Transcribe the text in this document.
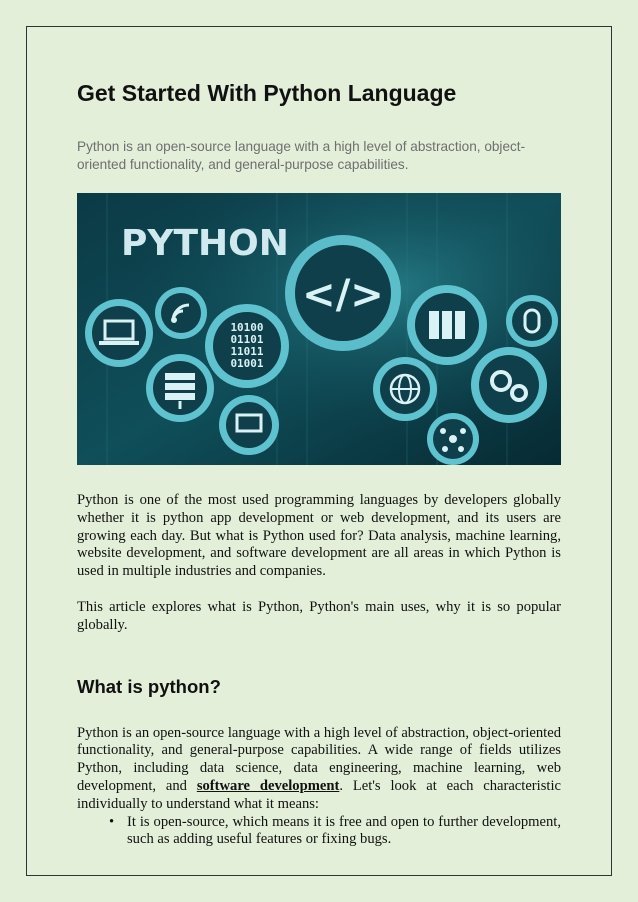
Get Started With Python Language

Python is an open-source language with a high level of abstraction, object-oriented functionality, and general-purpose capabilities.

PYTHON
</>
10100
01101
11011
01001

Python is one of the most used programming languages by developers globally whether it is python app development or web development, and its users are growing each day. But what is Python used for? Data analysis, machine learning, website development, and software development are all areas in which Python is used in multiple industries and companies.

This article explores what is Python, Python's main uses, why it is so popular globally.

What is python?

Python is an open-source language with a high level of abstraction, object-oriented functionality, and general-purpose capabilities. A wide range of fields utilizes Python, including data science, data engineering, machine learning, web development, and software development. Let's look at each characteristic individually to understand what it means:

• It is open-source, which means it is free and open to further development, such as adding useful features or fixing bugs.
